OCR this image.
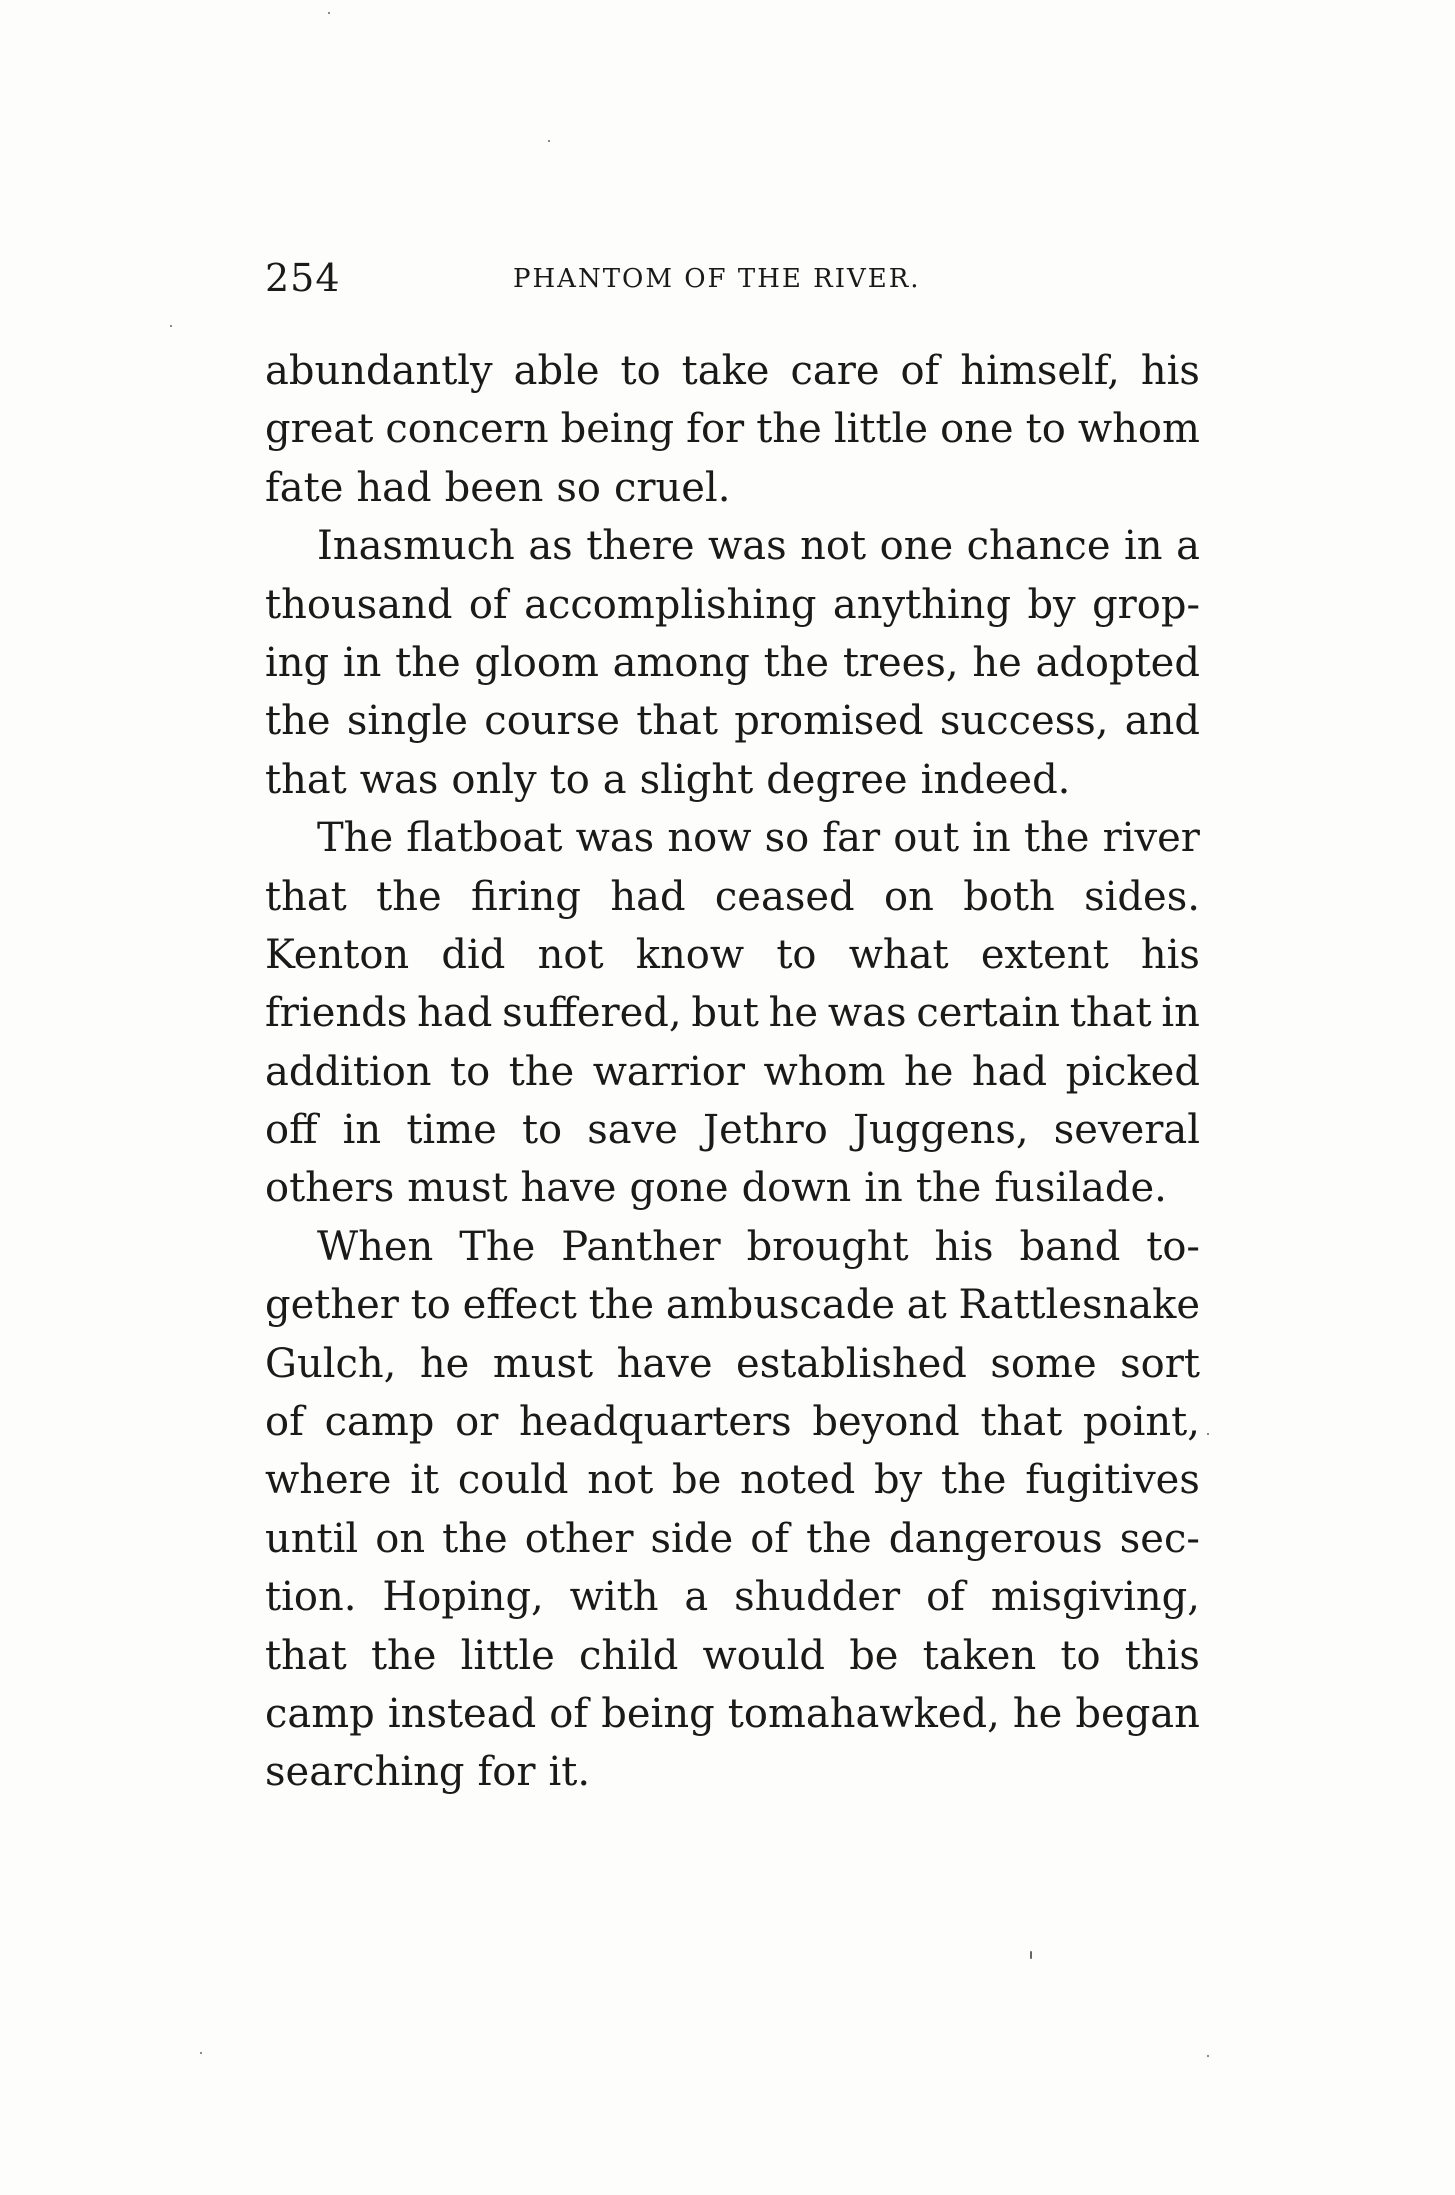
254	PHANTOM OF THE RIVER.
abundantly able to take care of himself, his
great concern being for the little one to whom
fate had been so cruel.
Inasmuch as there was not one chance in a
thousand of accomplishing anything by grop-
ing in the gloom among the trees, he adopted
the single course that promised success, and
that was only to a slight degree indeed.
The flatboat was now so far out in the river
that the firing had ceased on both sides.
Kenton did not know to what extent his
friends had suffered, but he was certain that in
addition to the warrior whom he had picked
off in time to save Jethro Juggens, several
others must have gone down in the fusilade.
When The Panther brought his band to-
gether to effect the ambuscade at Rattlesnake
Gulch, he must have established some sort
of camp or headquarters beyond that point,
where it could not be noted by the fugitives
until on the other side of the dangerous sec-
tion. Hoping, with a shudder of misgiving,
that the little child would be taken to this
camp instead of being tomahawked, he began
searching for it.
